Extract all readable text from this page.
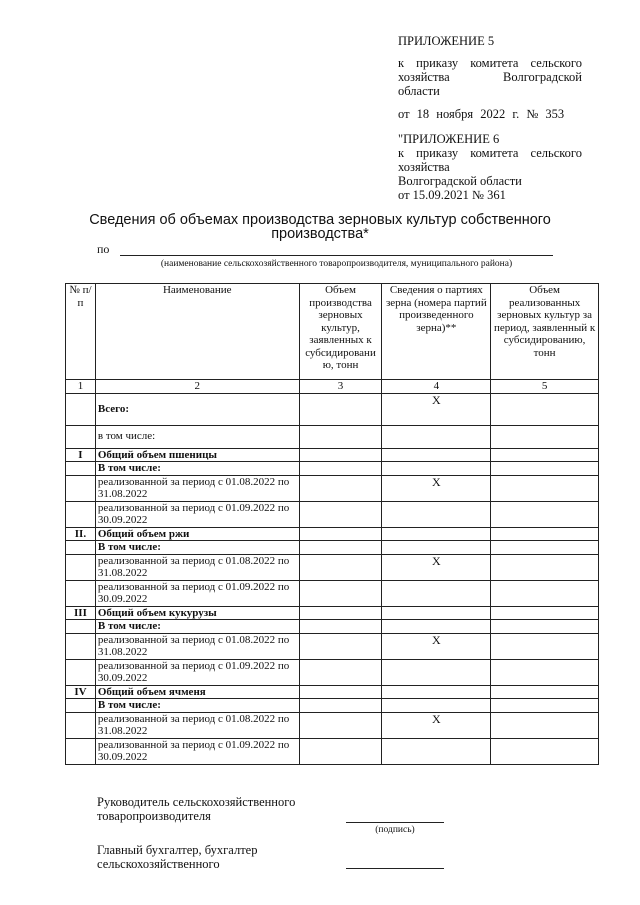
ПРИЛОЖЕНИЕ 5
к приказу комитета сельского
хозяйства Волгоградской
области
от 18 ноября 2022 г. № 353
"ПРИЛОЖЕНИЕ 6
к приказу комитета сельского
хозяйства
Волгоградской области
от 15.09.2021 № 361
Сведения об объемах производства зерновых культур собственного
производства*
по
(наименование сельскохозяйственного товаропроизводителя, муниципального района)
№ п/п	Наименование	Объем производства зерновых культур, заявленных к субсидировани ю, тонн	Сведения о партиях зерна (номера партий произведенного зерна)**	Объем реализованных зерновых культур за период, заявленный к субсидированию, тонн
1	2	3	4	5
	Всего:		X	
	в том числе:			
I	Общий объем пшеницы			
	В том числе:			
	реализованной за период с 01.08.2022 по 31.08.2022		X	
	реализованной за период с 01.09.2022 по 30.09.2022			
II.	Общий объем ржи			
	В том числе:			
	реализованной за период с 01.08.2022 по 31.08.2022		X	
	реализованной за период с 01.09.2022 по 30.09.2022			
III	Общий объем кукурузы			
	В том числе:			
	реализованной за период с 01.08.2022 по 31.08.2022		X	
	реализованной за период с 01.09.2022 по 30.09.2022			
IV	Общий объем ячменя			
	В том числе:			
	реализованной за период с 01.08.2022 по 31.08.2022		X	
	реализованной за период с 01.09.2022 по 30.09.2022			
Руководитель сельскохозяйственного
товаропроизводителя
(подпись)
Главный бухгалтер, бухгалтер
сельскохозяйственного
